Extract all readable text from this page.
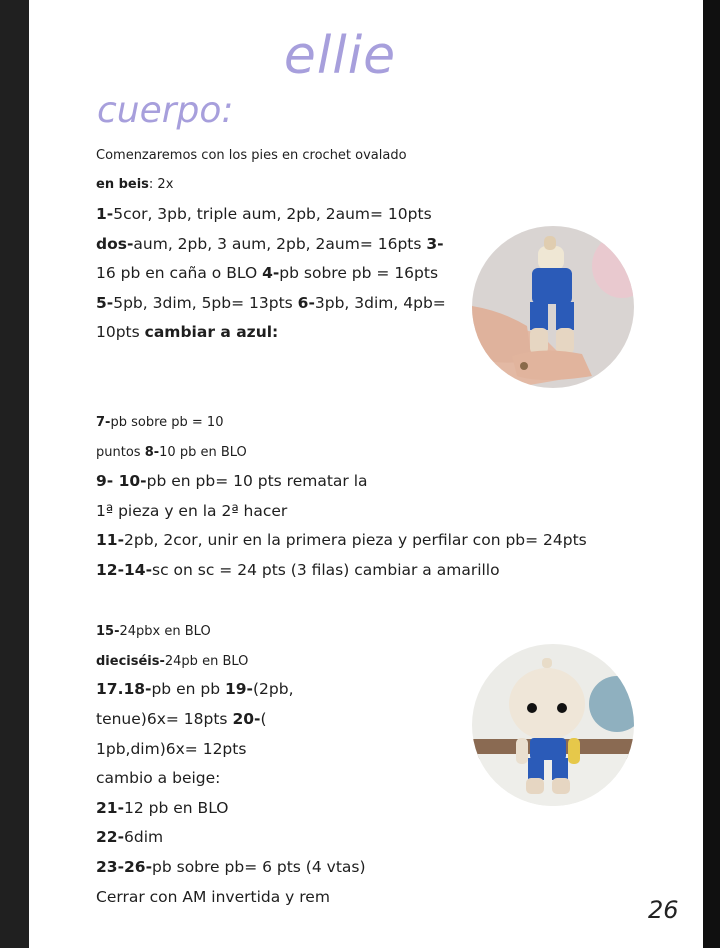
ellie
cuerpo:
Comenzaremos con los pies en crochet ovalado
en beis: 2x
1-5cor, 3pb, triple aum, 2pb, 2aum= 10pts
dos-aum, 2pb, 3 aum, 2pb, 2aum= 16pts 3-
16 pb en caña o BLO 4-pb sobre pb = 16pts
5-5pb, 3dim, 5pb= 13pts 6-3pb, 3dim, 4pb=
10pts cambiar a azul:
7-pb sobre pb = 10
puntos 8-10 pb en BLO
9- 10-pb en pb= 10 pts rematar la
1ª pieza y en la 2ª hacer
11-2pb, 2cor, unir en la primera pieza y perfilar con pb= 24pts
12-14-sc on sc = 24 pts (3 filas) cambiar a amarillo
15-24pbx en BLO
dieciséis-24pb en BLO
17.18-pb en pb 19-(2pb,
tenue)6x= 18pts 20-(
1pb,dim)6x= 12pts
cambio a beige:
21-12 pb en BLO
22-6dim
23-26-pb sobre pb= 6 pts (4 vtas)
Cerrar con AM invertida y rem	26
